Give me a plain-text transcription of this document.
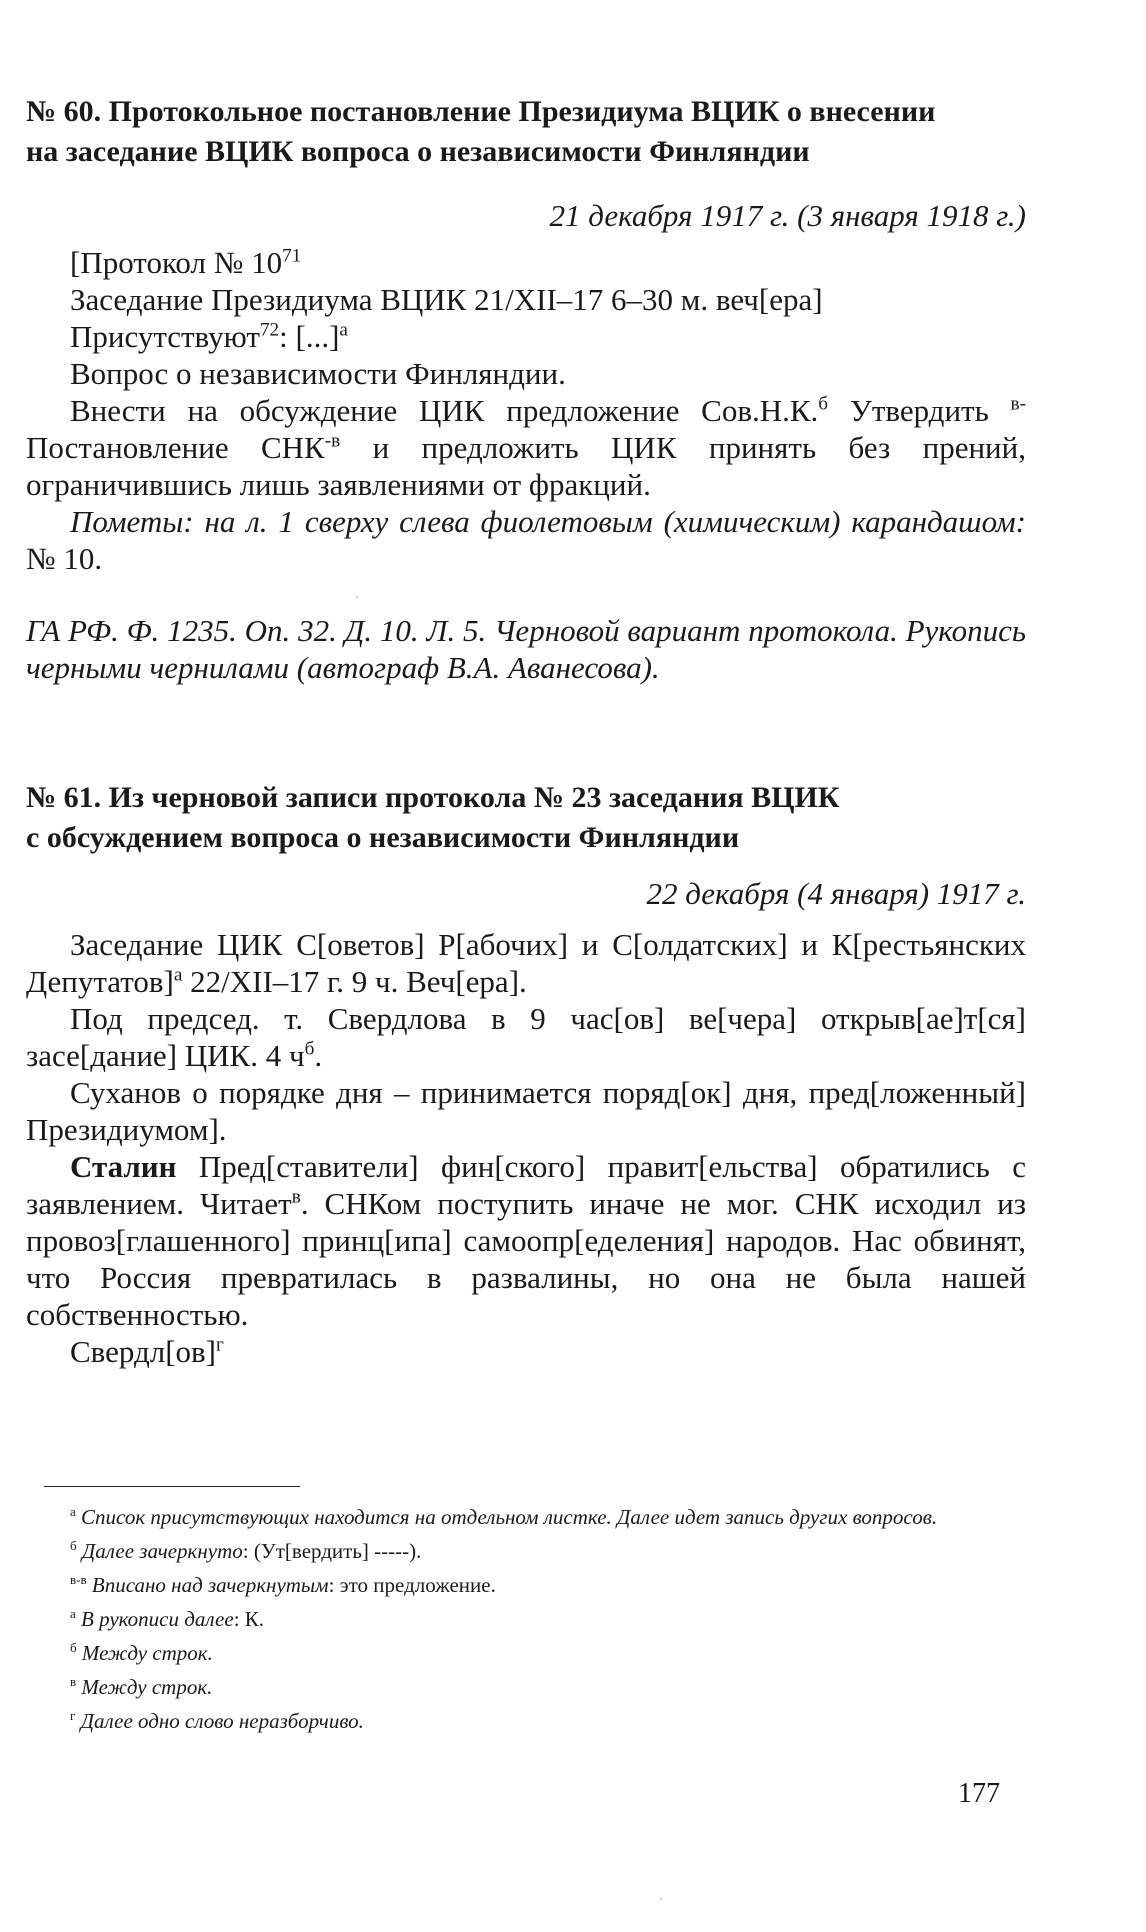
№ 60. Протокольное постановление Президиума ВЦИК о внесении

на заседание ВЦИК вопроса о независимости Финляндии

21 декабря 1917 г. (3 января 1918 г.)

[Протокол № $10^{71}$

Заседание Президиума ВЦИК 21/XII–17 6–30 м. веч[ера]

Присутствуют$^{72}$: [...]$^а$

Вопрос о независимости Финляндии.

Внести на обсуждение ЦИК предложение Сов.Н.К.$^б$ Утвердить $^{в-}$Постановление $СНК^{-в}$ и предложить ЦИК принять без прений, ограничившись лишь заявлениями от фракций.

Пометы: на л. 1 сверху слева фиолетовым (химическим) карандашом: № 10.

ГА РФ. Ф. 1235. Оп. 32. Д. 10. Л. 5. Черновой вариант протокола. Рукопись черными чернилами (автограф В.А. Аванесова).

№ 61. Из черновой записи протокола № 23 заседания ВЦИК

с обсуждением вопроса о независимости Финляндии

22 декабря (4 января) 1917 г.

Заседание ЦИК С[оветов] Р[абочих] и С[олдатских] и К[рестьянских Депутатов]$^а$ 22/XII–17 г. 9 ч. Веч[ера].

Под председ. т. Свердлова в 9 час[ов] ве[чера] открыв[ае]т[ся] засе[дание] ЦИК. 4 $ч^б$.

Суханов о порядке дня – принимается поряд[ок] дня, пред[ложенный] Президиумом].

Сталин Пред[ставители] фин[ского] правит[ельства] обратились с заявлением. Читает$^в$. СНКом поступить иначе не мог. СНК исходил из провоз[глашенного] принц[ипа] самоопр[еделения] народов. Нас обвинят, что Россия превратилась в развалины, но она не была нашей собственностью.

Свердл[ов]$^г$

$^а$ Список присутствующих находится на отдельном листке. Далее идет запись других вопросов.

$^б$ Далее зачеркнуто: (Ут[вердить] -----).

$^{в-в}$ Вписано над зачеркнутым: это предложение.

$^а$ В рукописи далее: К.

$^б$ Между строк.

$^в$ Между строк.

$^г$ Далее одно слово неразборчиво.

177
